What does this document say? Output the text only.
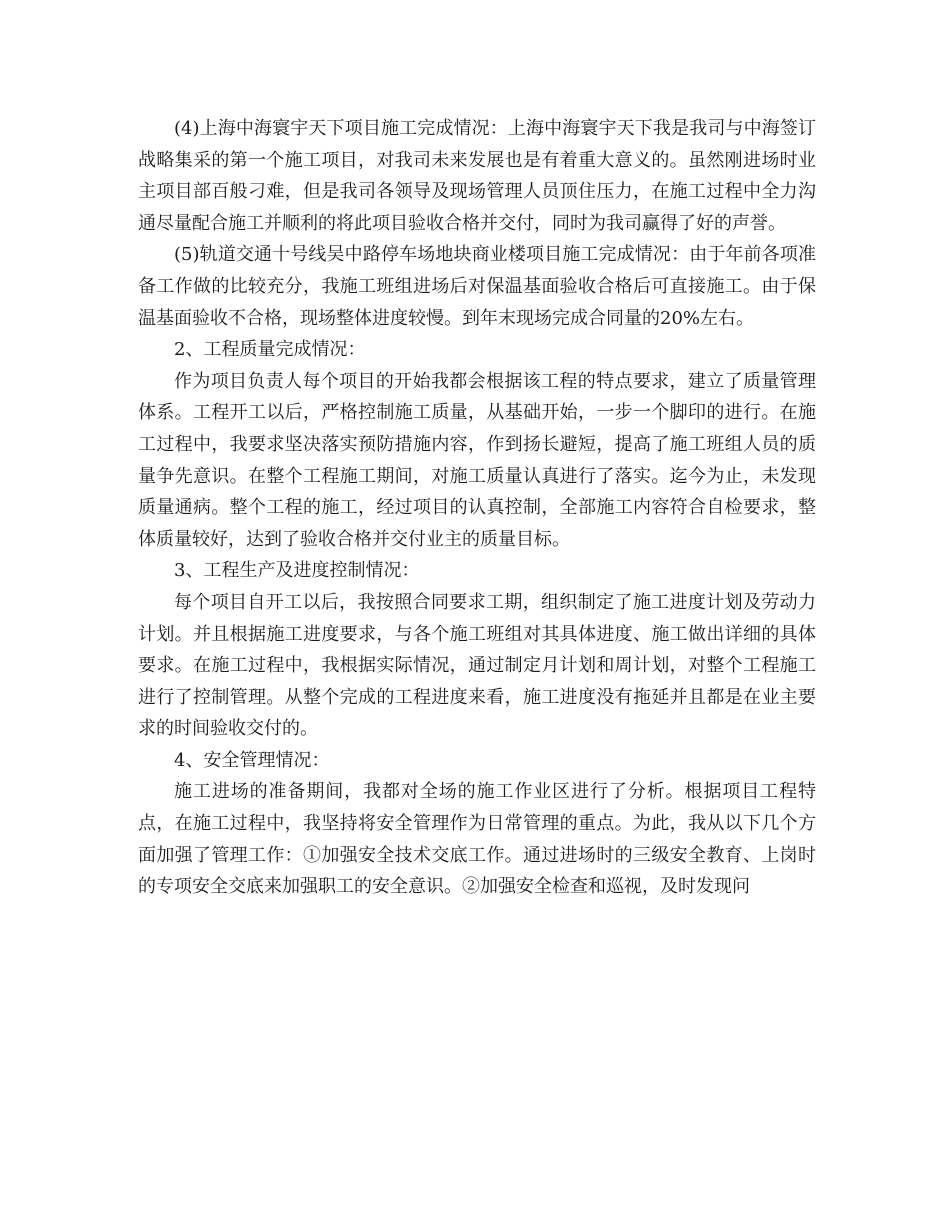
(4)上海中海寰宇天下项目施工完成情况：上海中海寰宇天下我是我司与中海签订战略集采的第一个施工项目，对我司未来发展也是有着重大意义的。虽然刚进场时业主项目部百般刁难，但是我司各领导及现场管理人员顶住压力，在施工过程中全力沟通尽量配合施工并顺利的将此项目验收合格并交付，同时为我司赢得了好的声誉。

(5)轨道交通十号线吴中路停车场地块商业楼项目施工完成情况：由于年前各项准备工作做的比较充分，我施工班组进场后对保温基面验收合格后可直接施工。由于保温基面验收不合格，现场整体进度较慢。到年末现场完成合同量的20%左右。

2、工程质量完成情况：

作为项目负责人每个项目的开始我都会根据该工程的特点要求，建立了质量管理体系。工程开工以后，严格控制施工质量，从基础开始，一步一个脚印的进行。在施工过程中，我要求坚决落实预防措施内容，作到扬长避短，提高了施工班组人员的质量争先意识。在整个工程施工期间，对施工质量认真进行了落实。迄今为止，未发现质量通病。整个工程的施工，经过项目的认真控制，全部施工内容符合自检要求，整体质量较好，达到了验收合格并交付业主的质量目标。

3、工程生产及进度控制情况：

每个项目自开工以后，我按照合同要求工期，组织制定了施工进度计划及劳动力计划。并且根据施工进度要求，与各个施工班组对其具体进度、施工做出详细的具体要求。在施工过程中，我根据实际情况，通过制定月计划和周计划，对整个工程施工进行了控制管理。从整个完成的工程进度来看，施工进度没有拖延并且都是在业主要求的时间验收交付的。

4、安全管理情况：

施工进场的准备期间，我都对全场的施工作业区进行了分析。根据项目工程特点，在施工过程中，我坚持将安全管理作为日常管理的重点。为此，我从以下几个方面加强了管理工作：①加强安全技术交底工作。通过进场时的三级安全教育、上岗时的专项安全交底来加强职工的安全意识。②加强安全检查和巡视，及时发现问
